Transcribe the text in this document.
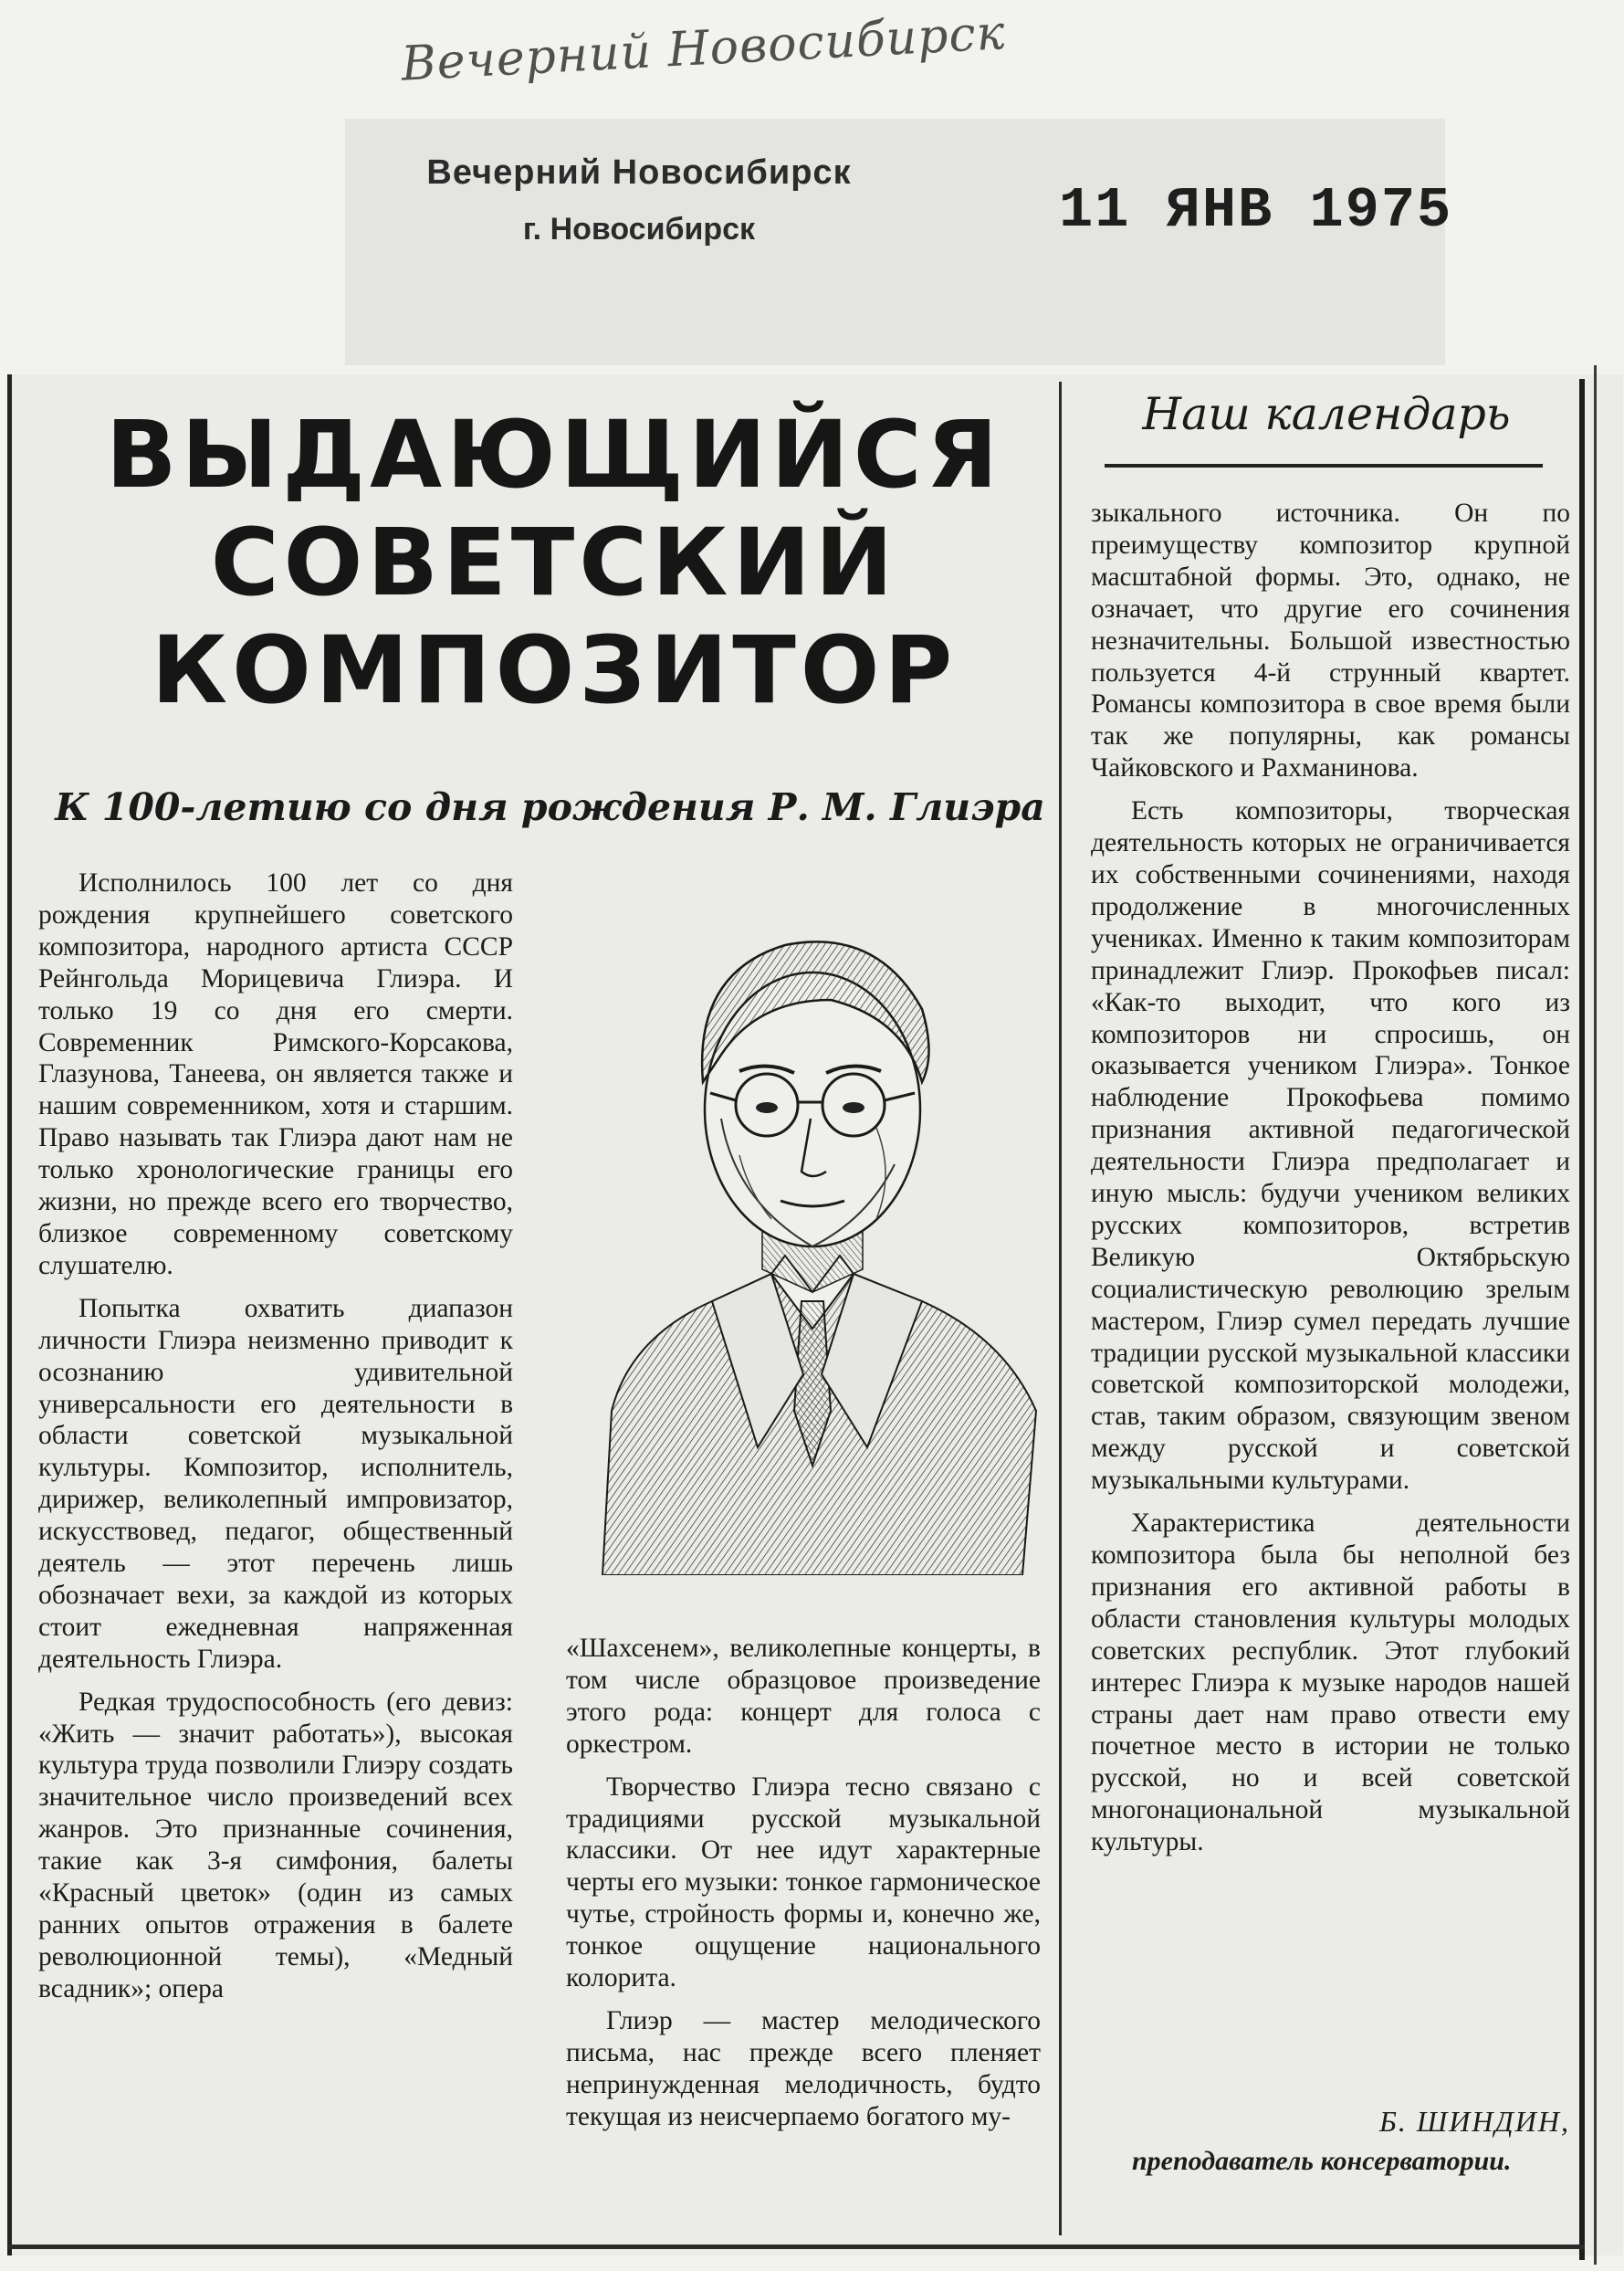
Вечерний Новосибирск
Вечерний Новосибирск
г. Новосибирск	11 ЯНВ 1975
ВЫДАЮЩИЙСЯ
СОВЕТСКИЙ
КОМПОЗИТОР
К 100-летию со дня рождения Р. М. Глиэра
Наш календарь

Исполнилось 100 лет со дня рождения крупнейшего советского композитора, народного артиста СССР Рейнгольда Морицевича Глиэра. И только 19 со дня его смерти. Современник Римского-Корсакова, Глазунова, Танеева, он является также и нашим современником, хотя и старшим. Право называть так Глиэра дают нам не только хронологические границы его жизни, но прежде всего его творчество, близкое современному советскому слушателю.

Попытка охватить диапазон личности Глиэра неизменно приводит к осознанию удивительной универсальности его деятельности в области советской музыкальной культуры. Композитор, исполнитель, дирижер, великолепный импровизатор, искусствовед, педагог, общественный деятель — этот перечень лишь обозначает вехи, за каждой из которых стоит ежедневная напряженная деятельность Глиэра.

Редкая трудоспособность (его девиз: «Жить — значит работать»), высокая культура труда позволили Глиэру создать значительное число произведений всех жанров. Это признанные сочинения, такие как 3-я симфония, балеты «Красный цветок» (один из самых ранних опытов отражения в балете революционной темы), «Медный всадник»; опера

«Шахсенем», великолепные концерты, в том числе образцовое произведение этого рода: концерт для голоса с оркестром.

Творчество Глиэра тесно связано с традициями русской музыкальной классики. От нее идут характерные черты его музыки: тонкое гармоническое чутье, стройность формы и, конечно же, тонкое ощущение национального колорита.

Глиэр — мастер мелодического письма, нас прежде всего пленяет непринужденная мелодичность, будто текущая из неисчерпаемо богатого му-

зыкального источника. Он по преимуществу композитор крупной масштабной формы. Это, однако, не означает, что другие его сочинения незначительны. Большой известностью пользуется 4-й струнный квартет. Романсы композитора в свое время были так же популярны, как романсы Чайковского и Рахманинова.

Есть композиторы, творческая деятельность которых не ограничивается их собственными сочинениями, находя продолжение в многочисленных учениках. Именно к таким композиторам принадлежит Глиэр. Прокофьев писал: «Как-то выходит, что кого из композиторов ни спросишь, он оказывается учеником Глиэра». Тонкое наблюдение Прокофьева помимо признания активной педагогической деятельности Глиэра предполагает и иную мысль: будучи учеником великих русских композиторов, встретив Великую Октябрьскую социалистическую революцию зрелым мастером, Глиэр сумел передать лучшие традиции русской музыкальной классики советской композиторской молодежи, став, таким образом, связующим звеном между русской и советской музыкальными культурами.

Характеристика деятельности композитора была бы неполной без признания его активной работы в области становления культуры молодых советских республик. Этот глубокий интерес Глиэра к музыке народов нашей страны дает нам право отвести ему почетное место в истории не только русской, но и всей советской многонациональной музыкальной культуры.

Б. ШИНДИН,
преподаватель консерватории.
